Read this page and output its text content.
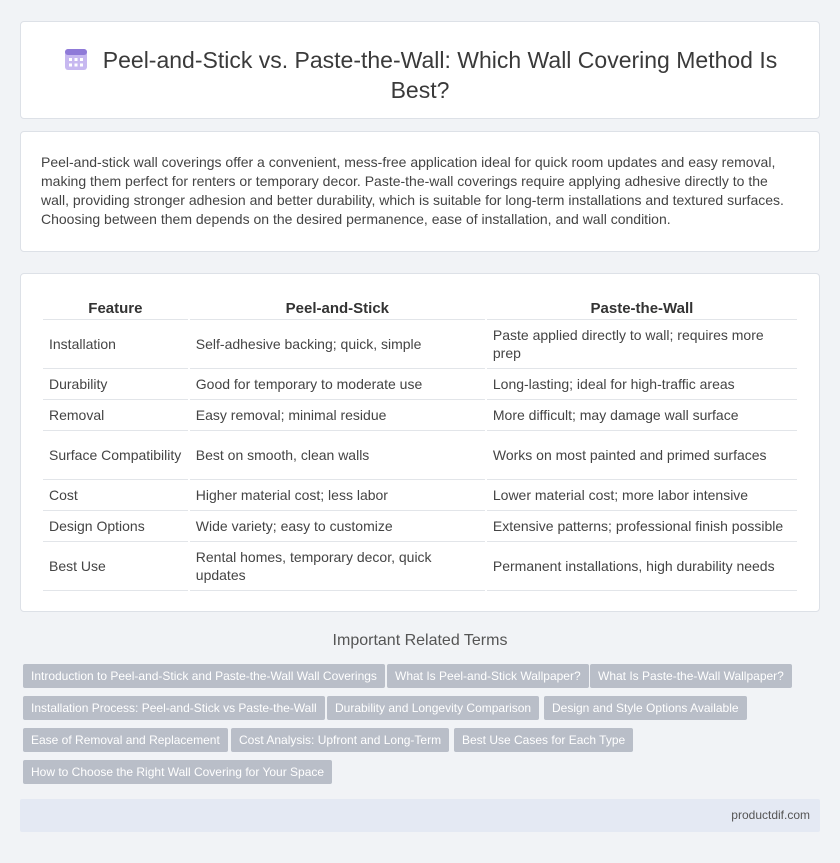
Peel-and-Stick vs. Paste-the-Wall: Which Wall Covering Method Is Best?

Peel-and-stick wall coverings offer a convenient, mess-free application ideal for quick room updates and easy removal, making them perfect for renters or temporary decor. Paste-the-wall coverings require applying adhesive directly to the wall, providing stronger adhesion and better durability, which is suitable for long-term installations and textured surfaces. Choosing between them depends on the desired permanence, ease of installation, and wall condition.

Feature	Peel-and-Stick	Paste-the-Wall
Installation	Self-adhesive backing; quick, simple	Paste applied directly to wall; requires more prep
Durability	Good for temporary to moderate use	Long-lasting; ideal for high-traffic areas
Removal	Easy removal; minimal residue	More difficult; may damage wall surface
Surface Compatibility	Best on smooth, clean walls	Works on most painted and primed surfaces
Cost	Higher material cost; less labor	Lower material cost; more labor intensive
Design Options	Wide variety; easy to customize	Extensive patterns; professional finish possible
Best Use	Rental homes, temporary decor, quick updates	Permanent installations, high durability needs
Important Related Terms
Introduction to Peel-and-Stick and Paste-the-Wall Wall Coverings	What Is Peel-and-Stick Wallpaper?	What Is Paste-the-Wall Wallpaper?
Installation Process: Peel-and-Stick vs Paste-the-Wall	Durability and Longevity Comparison	Design and Style Options Available
Ease of Removal and Replacement	Cost Analysis: Upfront and Long-Term	Best Use Cases for Each Type
How to Choose the Right Wall Covering for Your Space
productdif.com
